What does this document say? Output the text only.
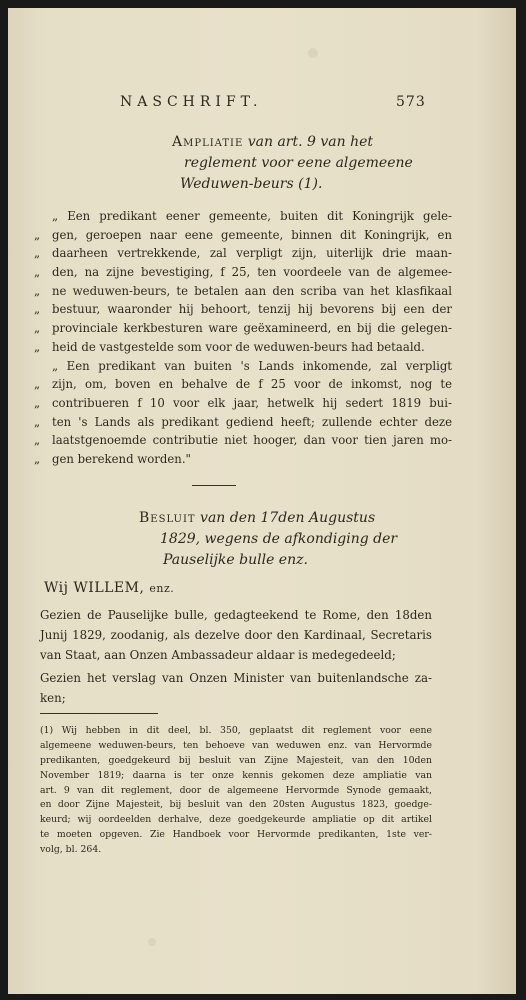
NASCHRIFT.	573

Ampliatie van art. 9 van het

reglement voor eene algemeene

Weduwen-beurs (1).

„ Een predikant eener gemeente, buiten dit Koningrijk gele-
„	gen, geroepen naar eene gemeente, binnen dit Koningrijk, en
„	daarheen vertrekkende, zal verpligt zijn, uiterlijk drie maan-
„	den, na zijne bevestiging, f 25, ten voordeele van de algemee-
„	ne weduwen-beurs, te betalen aan den scriba van het klasfikaal
„	bestuur, waaronder hij behoort, tenzij hij bevorens bij een der
„	provinciale kerkbesturen ware geëxamineerd, en bij die gelegen-
„	heid de vastgestelde som voor de weduwen-beurs had betaald.

„ Een predikant van buiten 's Lands inkomende, zal verpligt
„	zijn, om, boven en behalve de f 25 voor de inkomst, nog te
„	contribueren f 10 voor elk jaar, hetwelk hij sedert 1819 bui-
„	ten 's Lands als predikant gediend heeft; zullende echter deze
„	laatstgenoemde contributie niet hooger, dan voor tien jaren mo-
„	gen berekend worden."

Besluit van den 17den Augustus

1829, wegens de afkondiging der

Pauselijke bulle enz.

Wij WILLEM, enz.
Gezien de Pauselijke bulle, gedagteekend te Rome, den 18den
Junij 1829, zoodanig, als dezelve door den Kardinaal, Secretaris
van Staat, aan Onzen Ambassadeur aldaar is medegedeeld;
Gezien het verslag van Onzen Minister van buitenlandsche za-
ken;
(1) Wij hebben in dit deel, bl. 350, geplaatst dit reglement voor eene
algemeene weduwen-beurs, ten behoeve van weduwen enz. van Hervormde
predikanten, goedgekeurd bij besluit van Zijne Majesteit, van den 10den
November 1819; daarna is ter onze kennis gekomen deze ampliatie van
art. 9 van dit reglement, door de algemeene Hervormde Synode gemaakt,
en door Zijne Majesteit, bij besluit van den 20sten Augustus 1823, goedge-
keurd; wij oordeelden derhalve, deze goedgekeurde ampliatie op dit artikel
te moeten opgeven. Zie Handboek voor Hervormde predikanten, 1ste ver-
volg, bl. 264.
